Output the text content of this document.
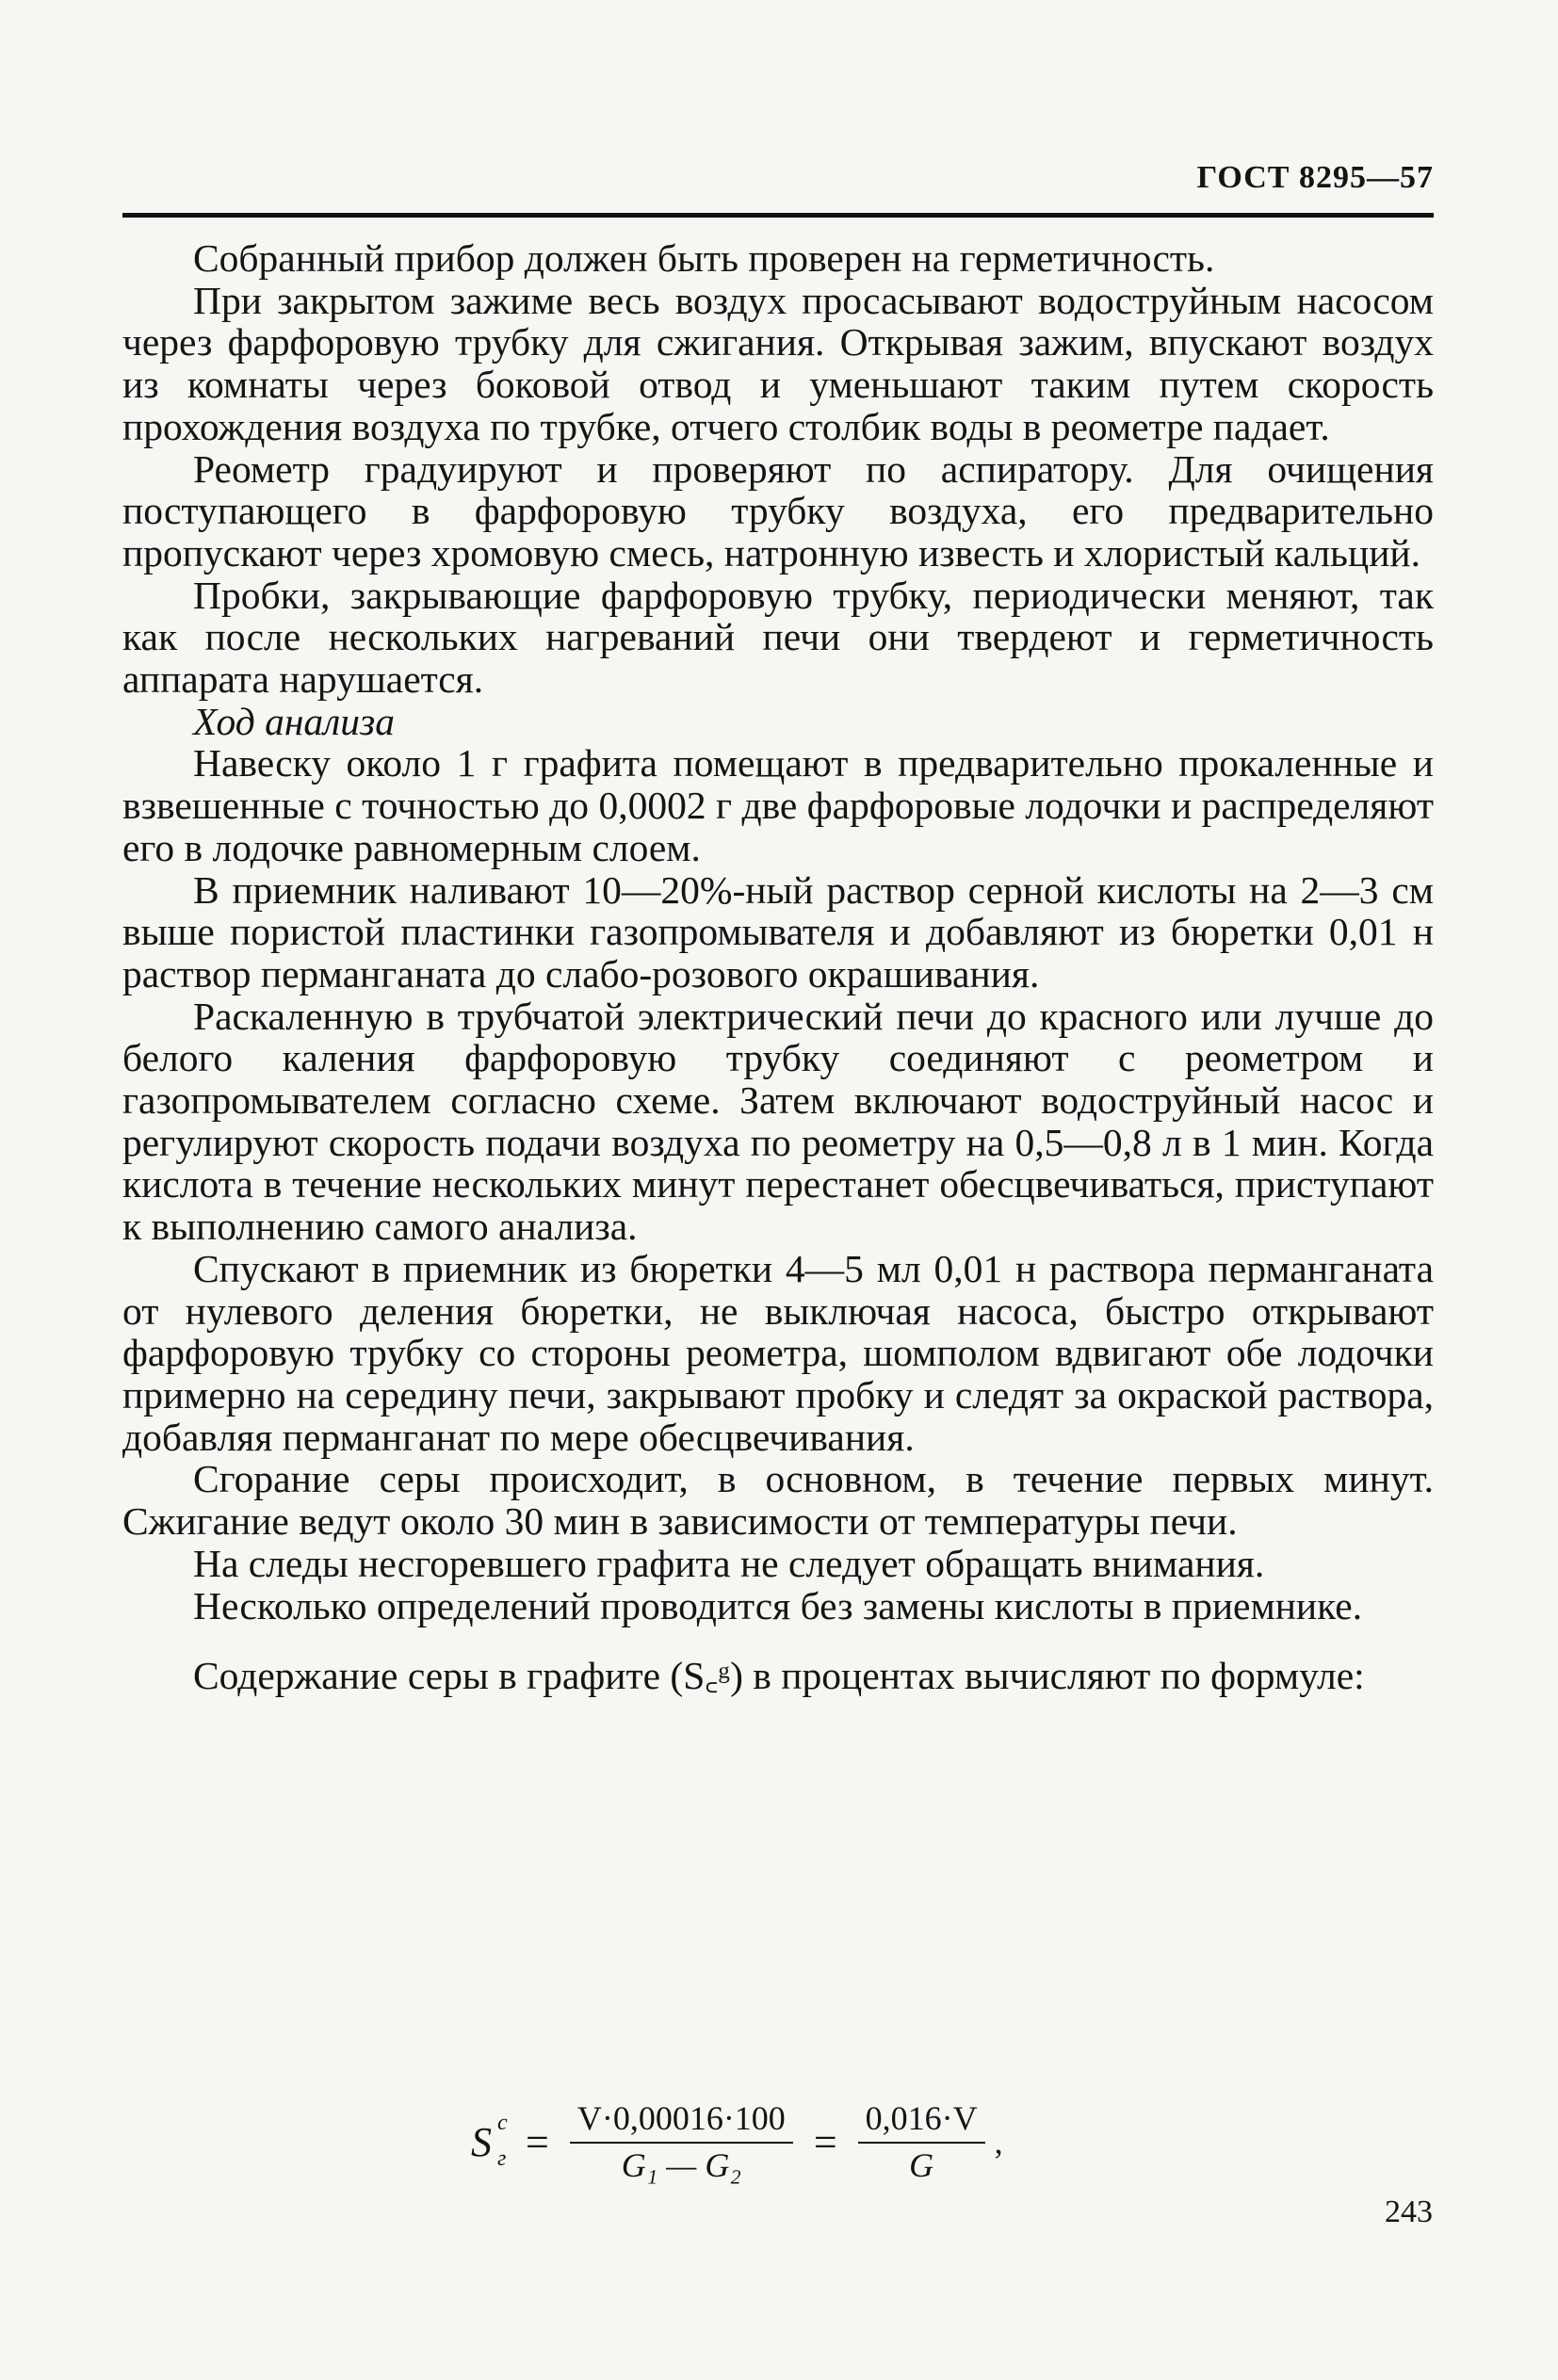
ГОСТ 8295—57

Собранный прибор должен быть проверен на герметичность.

При закрытом зажиме весь воздух просасывают водоструйным насосом через фарфоровую трубку для сжигания. Открывая зажим, впускают воздух из комнаты через боковой отвод и уменьшают таким путем скорость прохождения воздуха по трубке, отчего столбик воды в реометре падает.

Реометр градуируют и проверяют по аспиратору. Для очищения поступающего в фарфоровую трубку воздуха, его предварительно пропускают через хромовую смесь, натронную известь и хлористый кальций.

Пробки, закрывающие фарфоровую трубку, периодически меняют, так как после нескольких нагреваний печи они твердеют и герметичность аппарата нарушается.

Ход анализа

Навеску около 1 г графита помещают в предварительно прокаленные и взвешенные с точностью до 0,0002 г две фарфоровые лодочки и распределяют его в лодочке равномерным слоем.

В приемник наливают 10—20%-ный раствор серной кислоты на 2—3 см выше пористой пластинки газопромывателя и добавляют из бюретки 0,01 н раствор перманганата до слабо-розового окрашивания.

Раскаленную в трубчатой электрический печи до красного или лучше до белого каления фарфоровую трубку соединяют с реометром и газопромывателем согласно схеме. Затем включают водоструйный насос и регулируют скорость подачи воздуха по реометру на 0,5—0,8 л в 1 мин. Когда кислота в течение нескольких минут перестанет обесцвечиваться, приступают к выполнению самого анализа.

Спускают в приемник из бюретки 4—5 мл 0,01 н раствора перманганата от нулевого деления бюретки, не выключая насоса, быстро открывают фарфоровую трубку со стороны реометра, шомполом вдвигают обе лодочки примерно на середину печи, закрывают пробку и следят за окраской раствора, добавляя перманганат по мере обесцвечивания.

Сгорание серы происходит, в основном, в течение первых минут. Сжигание ведут около 30 мин в зависимости от температуры печи.

На следы несгоревшего графита не следует обращать внимания.

Несколько определений проводится без замены кислоты в приемнике.

Содержание серы в графите (S꜀ᵍ) в процентах вычисляют по формуле:

S с
$г = \frac{V\cdot 0,00016\cdot 100}{\text{G₁ — G₂}} = \frac{0,016\cdot V}{G}$ ,
243
